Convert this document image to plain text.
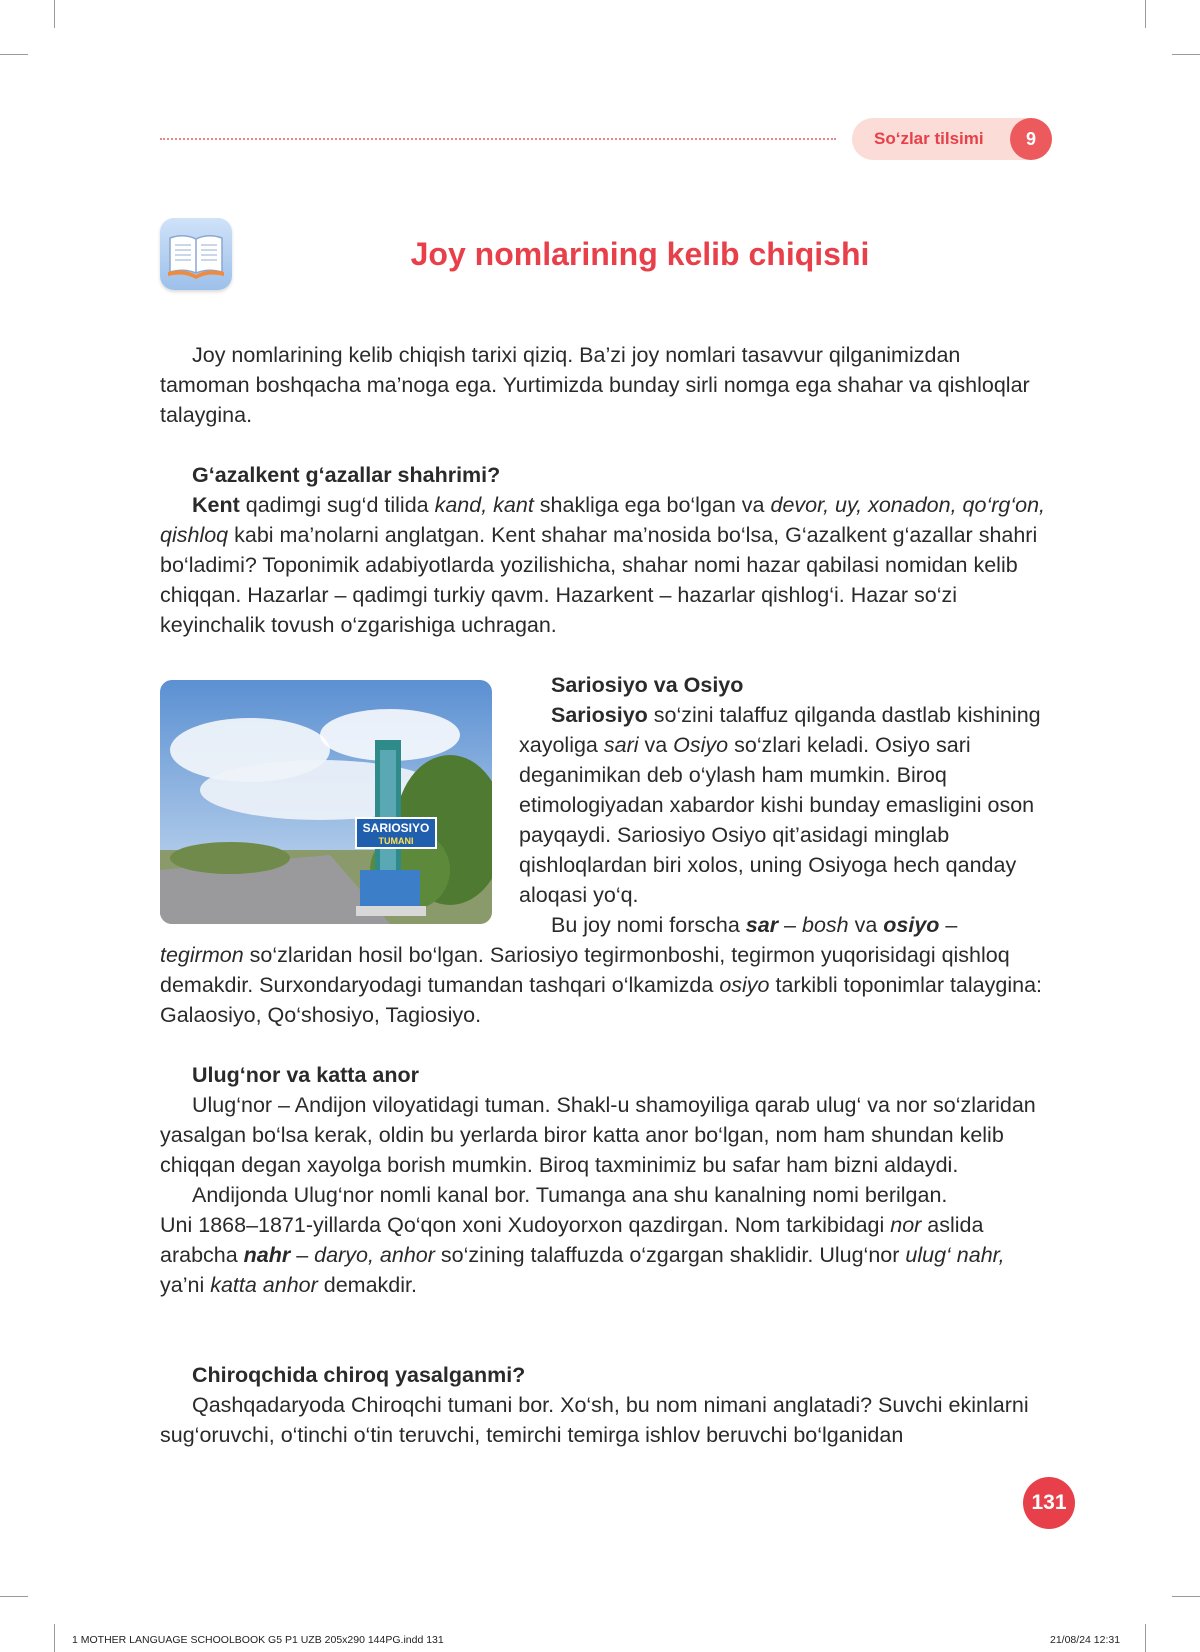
So‘zlar tilsimi	9
Joy nomlarining kelib chiqishi

Joy nomlarining kelib chiqish tarixi qiziq. Ba’zi joy nomlari tasavvur qilganimizdan tamoman boshqacha ma’noga ega. Yurtimizda bunday sirli nomga ega shahar va qishloqlar talaygina.

G‘azalkent g‘azallar shahrimi?

Kent qadimgi sug‘d tilida kand, kant shakliga ega bo‘lgan va devor, uy, xonadon, qo‘rg‘on, qishloq kabi ma’nolarni anglatgan. Kent shahar ma’nosida bo‘lsa, G‘azalkent g‘azallar shahri bo‘ladimi? Toponimik adabiyotlarda yozilishicha, shahar nomi hazar qabilasi nomidan kelib chiqqan. Hazarlar – qadimgi turkiy qavm. Hazarkent – hazarlar qishlog‘i. Hazar so‘zi keyinchalik tovush o‘zgarishiga uchragan.

SARIOSIYO
TUMANI

Sariosiyo va Osiyo

Sariosiyo so‘zini talaffuz qilganda dastlab kishining xayoliga sari va Osiyo so‘zlari keladi. Osiyo sari deganimikan deb o‘ylash ham mumkin. Biroq etimologiyadan xabardor kishi bunday emasligini oson payqaydi. Sariosiyo Osiyo qit’asidagi minglab qishloqlardan biri xolos, uning Osiyoga hech qanday aloqasi yo‘q.

Bu joy nomi forscha sar – bosh va osiyo –

tegirmon so‘zlaridan hosil bo‘lgan. Sariosiyo tegirmonboshi, tegirmon yuqorisidagi qishloq demakdir. Surxondaryodagi tumandan tashqari o‘lkamizda osiyo tarkibli toponimlar talaygina: Galaosiyo, Qo‘shosiyo, Tagiosiyo.

Ulug‘nor va katta anor

Ulug‘nor – Andijon viloyatidagi tuman. Shakl-u shamoyiliga qarab ulug‘ va nor so‘zlaridan yasalgan bo‘lsa kerak, oldin bu yerlarda biror katta anor bo‘lgan, nom ham shundan kelib chiqqan degan xayolga borish mumkin. Biroq taxminimiz bu safar ham bizni aldaydi.

Andijonda Ulug‘nor nomli kanal bor. Tumanga ana shu kanalning nomi berilgan.

Uni 1868–1871-yillarda Qo‘qon xoni Xudoyorxon qazdirgan. Nom tarkibidagi nor aslida arabcha nahr – daryo, anhor so‘zining talaffuzda o‘zgargan shaklidir. Ulug‘nor ulug‘ nahr, ya’ni katta anhor demakdir.

Chiroqchida chiroq yasalganmi?

Qashqadaryoda Chiroqchi tumani bor. Xo‘sh, bu nom nimani anglatadi? Suvchi ekinlarni sug‘oruvchi, o‘tinchi o‘tin teruvchi, temirchi temirga ishlov beruvchi bo‘lganidan

131
1 MOTHER LANGUAGE SCHOOLBOOK G5 P1 UZB 205x290 144PG.indd 131	21/08/24 12:31
